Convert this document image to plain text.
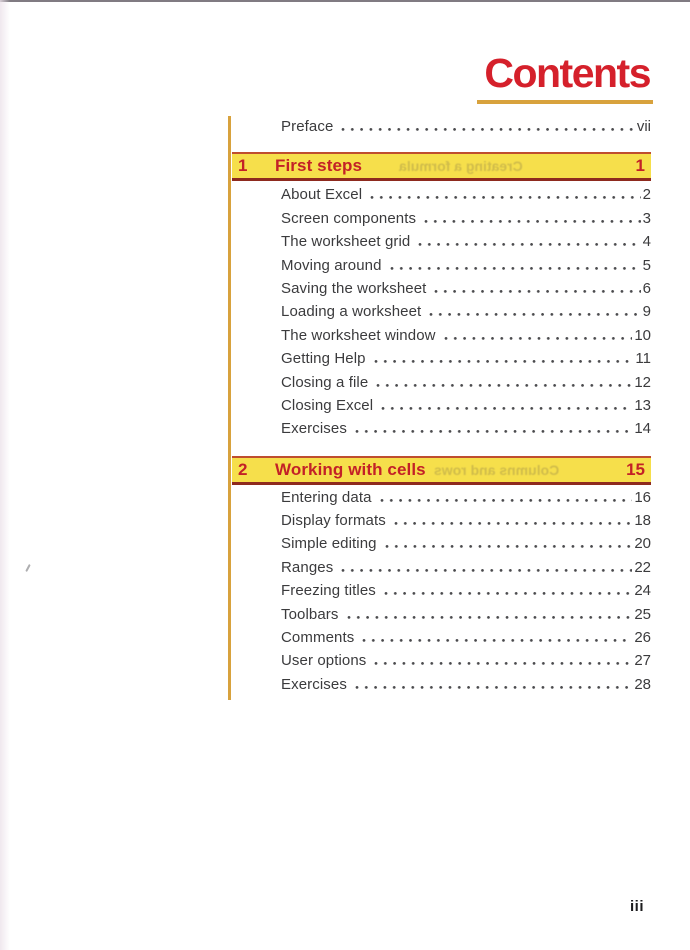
Contents
Preface	vii
1	First steps	Creating a formula	1
About Excel	2
Screen components	3
The worksheet grid	4
Moving around	5
Saving the worksheet	6
Loading a worksheet	9
The worksheet window	10
Getting Help	11
Closing a file	12
Closing Excel	13
Exercises	14
2	Working with cells Columns and rows	15
Entering data	16
Display formats	18
Simple editing	20
Ranges	22
Freezing titles	24
Toolbars	25
Comments	26
User options	27
Exercises	28
iii
